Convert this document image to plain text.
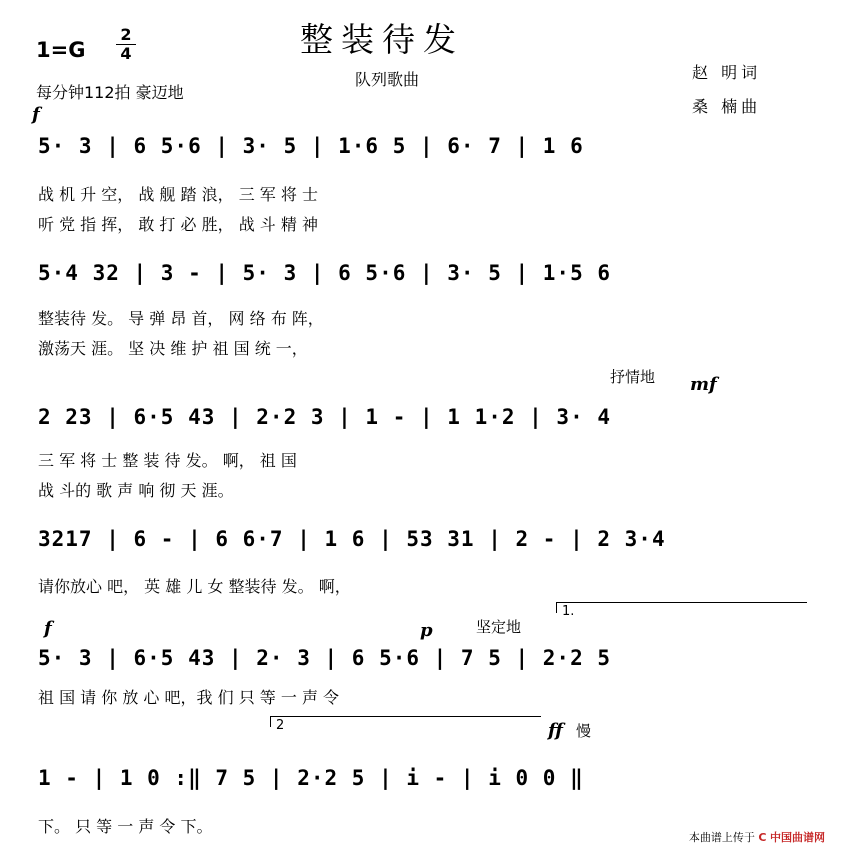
整装待发
$1=G \frac{2}{4}$
每分钟112拍 豪迈地
队列歌曲	赵 明词
桑 楠曲
f
5· 3 | 6 5·6 | 3· 5 | 1·6 5 | 6· 7 | 1 6
战 机 升 空， 战 舰 踏 浪， 三 军 将 士
听 党 指 挥， 敢 打 必 胜， 战 斗 精 神
5·4 32 | 3 - | 5· 3 | 6 5·6 | 3· 5 | 1·5 6
整装待 发。 导 弹 昂 首， 网 络 布 阵，
激荡天 涯。 坚 决 维 护 祖 国 统 一，
抒情地 mf
2 23 | 6·5 43 | 2·2 3 | 1 - | 1 1·2 | 3· 4
三 军 将 士 整 装 待 发。 啊， 祖 国
战 斗的 歌 声 响 彻 天 涯。
3217 | 6 - | 6 6·7 | 1 6 | 53 31 | 2 - | 2 3·4
请你放心 吧， 英 雄 儿 女 整装待 发。 啊，
f	p	坚定地
1.
5· 3 | 6·5 43 | 2· 3 | 6 5·6 | 7 5 | 2·2 5
祖 国 请 你 放 心 吧，我 们 只 等 一 声 令
2	ff 慢
1 - | 1 0 :‖ 7 5 | 2·2 5 | i - | i 0 0 ‖
下。 只 等 一 声 令 下。
本曲谱上传于 C 中国曲谱网
